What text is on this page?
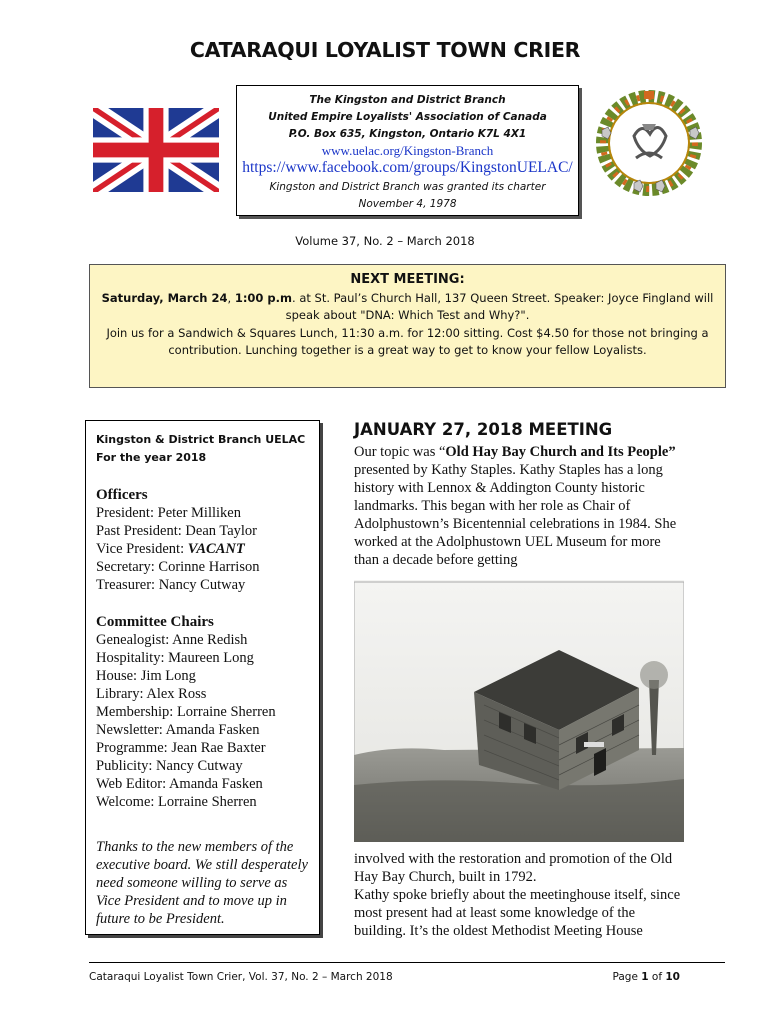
CATARAQUI LOYALIST TOWN CRIER
The Kingston and District Branch
United Empire Loyalists' Association of Canada
P.O. Box 635, Kingston, Ontario K7L 4X1
www.uelac.org/Kingston-Branch
https://www.facebook.com/groups/KingstonUELAC/
Kingston and District Branch was granted its charter
November 4, 1978
Volume 37, No. 2 – March 2018
NEXT MEETING:
Saturday, March 24, 1:00 p.m. at St. Paul’s Church Hall, 137 Queen Street. Speaker: Joyce Fingland will speak about "DNA: Which Test and Why?".
Join us for a Sandwich & Squares Lunch, 11:30 a.m. for 12:00 sitting. Cost $4.50 for those not bringing a contribution. Lunching together is a great way to get to know your fellow Loyalists.
Kingston & District Branch UELAC
For the year 2018
Officers
President: Peter Milliken
Past President: Dean Taylor
Vice President: VACANT
Secretary: Corinne Harrison
Treasurer: Nancy Cutway
Committee Chairs
Genealogist: Anne Redish
Hospitality: Maureen Long
House: Jim Long
Library: Alex Ross
Membership: Lorraine Sherren
Newsletter: Amanda Fasken
Programme: Jean Rae Baxter
Publicity: Nancy Cutway
Web Editor: Amanda Fasken
Welcome: Lorraine Sherren
Thanks to the new members of the executive board. We still desperately need someone willing to serve as Vice President and to move up in future to be President.
JANUARY 27, 2018 MEETING
Our topic was “Old Hay Bay Church and Its People” presented by Kathy Staples. Kathy Staples has a long history with Lennox & Addington County historic landmarks. This began with her role as Chair of Adolphustown’s Bicentennial celebrations in 1984. She worked at the Adolphustown UEL Museum for more than a decade before getting
involved with the restoration and promotion of the Old Hay Bay Church, built in 1792.
Kathy spoke briefly about the meetinghouse itself, since most present had at least some knowledge of the building. It’s the oldest Methodist Meeting House
Cataraqui Loyalist Town Crier, Vol. 37, No. 2 – March 2018	Page 1 of 10
